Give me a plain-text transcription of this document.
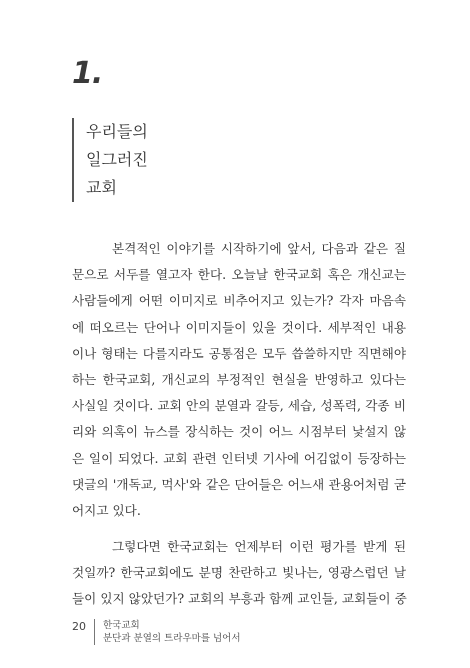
1.
우리들의
일그러진
교회
본격적인 이야기를 시작하기에 앞서, 다음과 같은 질
문으로 서두를 열고자 한다. 오늘날 한국교회 혹은 개신교는
사람들에게 어떤 이미지로 비추어지고 있는가? 각자 마음속
에 떠오르는 단어나 이미지들이 있을 것이다. 세부적인 내용
이나 형태는 다를지라도 공통점은 모두 씁쓸하지만 직면해야
하는 한국교회, 개신교의 부정적인 현실을 반영하고 있다는
사실일 것이다. 교회 안의 분열과 갈등, 세습, 성폭력, 각종 비
리와 의혹이 뉴스를 장식하는 것이 어느 시점부터 낯설지 않
은 일이 되었다. 교회 관련 인터넷 기사에 어김없이 등장하는
댓글의 '개독교, 먹사'와 같은 단어들은 어느새 관용어처럼 굳
어지고 있다.
그렇다면 한국교회는 언제부터 이런 평가를 받게 된
것일까? 한국교회에도 분명 찬란하고 빛나는, 영광스럽던 날
들이 있지 않았던가? 교회의 부흥과 함께 교인들, 교회들이 중
20	한국교회
분단과 분열의 트라우마를 넘어서
